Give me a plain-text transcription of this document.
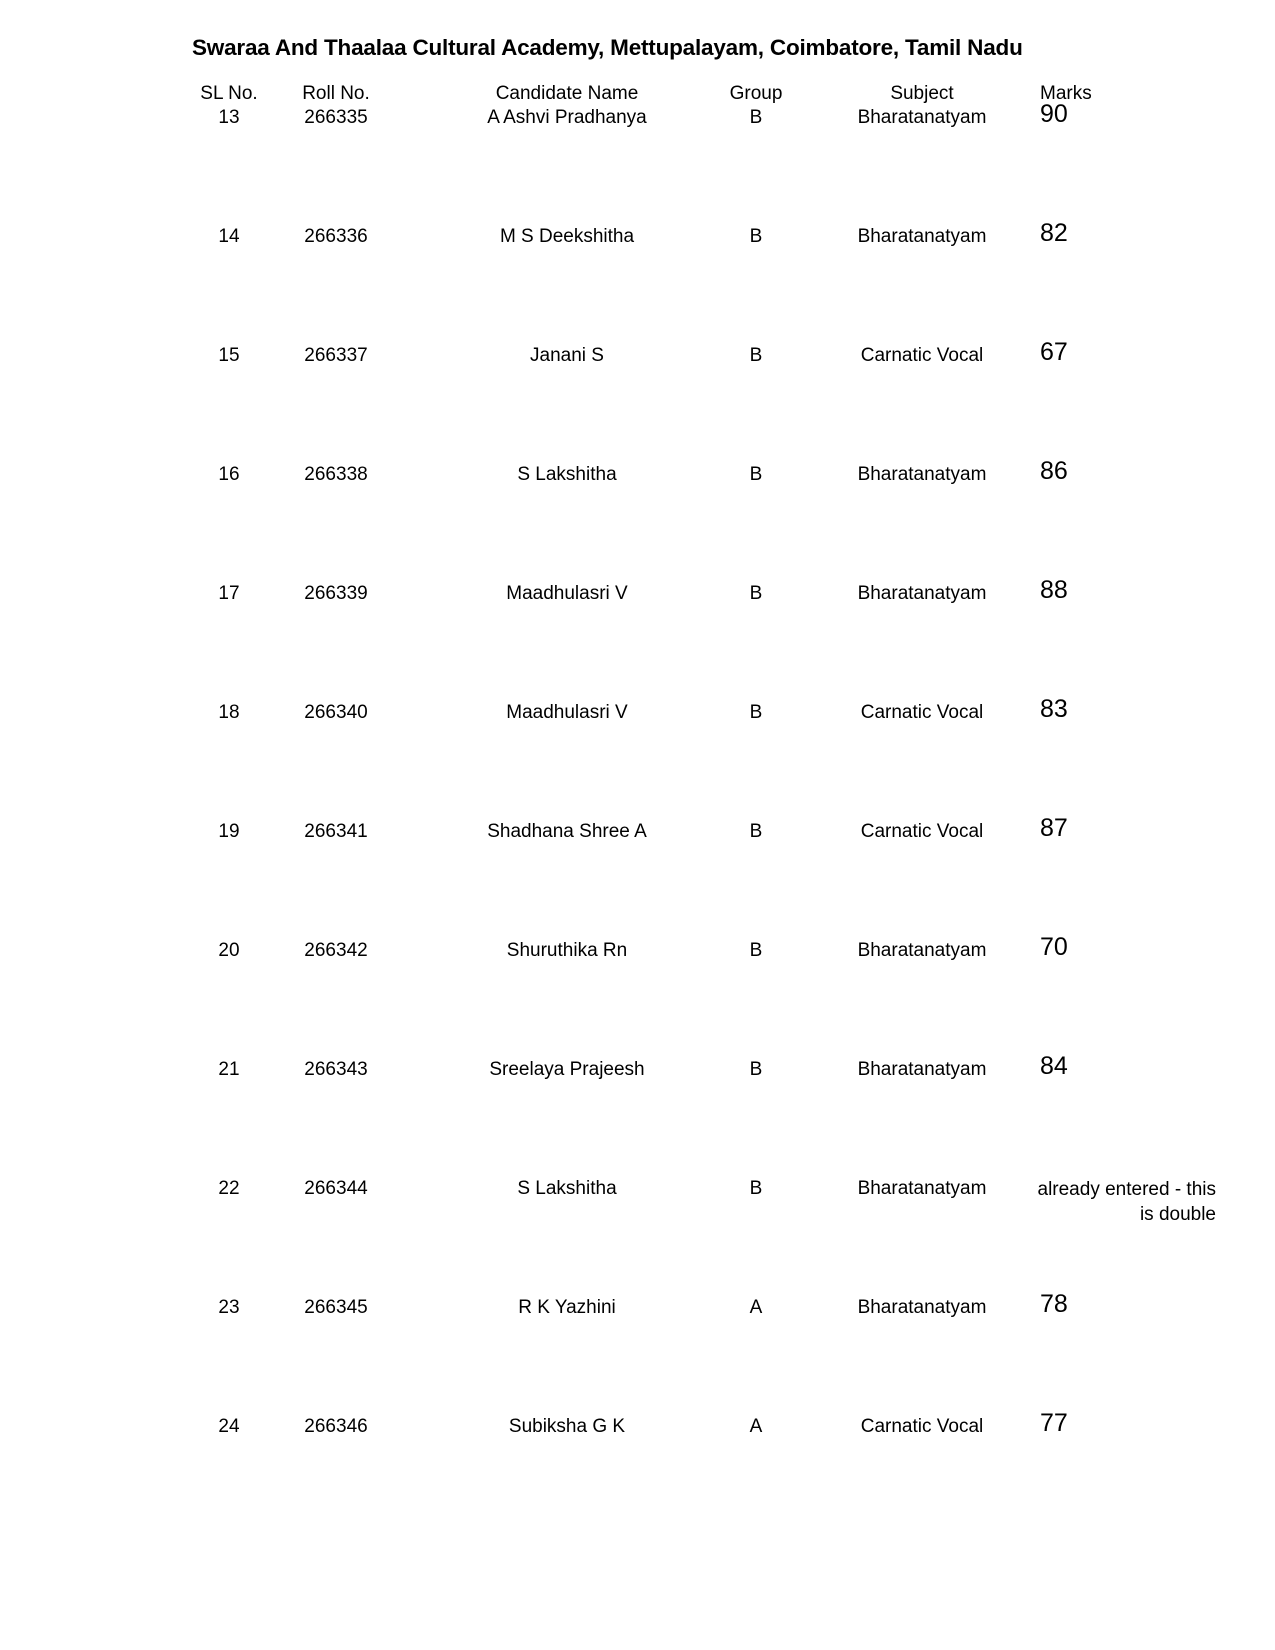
Swaraa And Thaalaa Cultural Academy, Mettupalayam, Coimbatore, Tamil Nadu
SL No.	Roll No.	Candidate Name	Group	Subject	Marks
13	266335	A Ashvi Pradhanya	B	Bharatanatyam	90
14	266336	M S Deekshitha	B	Bharatanatyam	82
15	266337	Janani S	B	Carnatic Vocal	67
16	266338	S Lakshitha	B	Bharatanatyam	86
17	266339	Maadhulasri V	B	Bharatanatyam	88
18	266340	Maadhulasri V	B	Carnatic Vocal	83
19	266341	Shadhana Shree A	B	Carnatic Vocal	87
20	266342	Shuruthika Rn	B	Bharatanatyam	70
21	266343	Sreelaya Prajeesh	B	Bharatanatyam	84
22	266344	S Lakshitha	B	Bharatanatyam	already entered - this is double
23	266345	R K Yazhini	A	Bharatanatyam	78
24	266346	Subiksha G K	A	Carnatic Vocal	77
